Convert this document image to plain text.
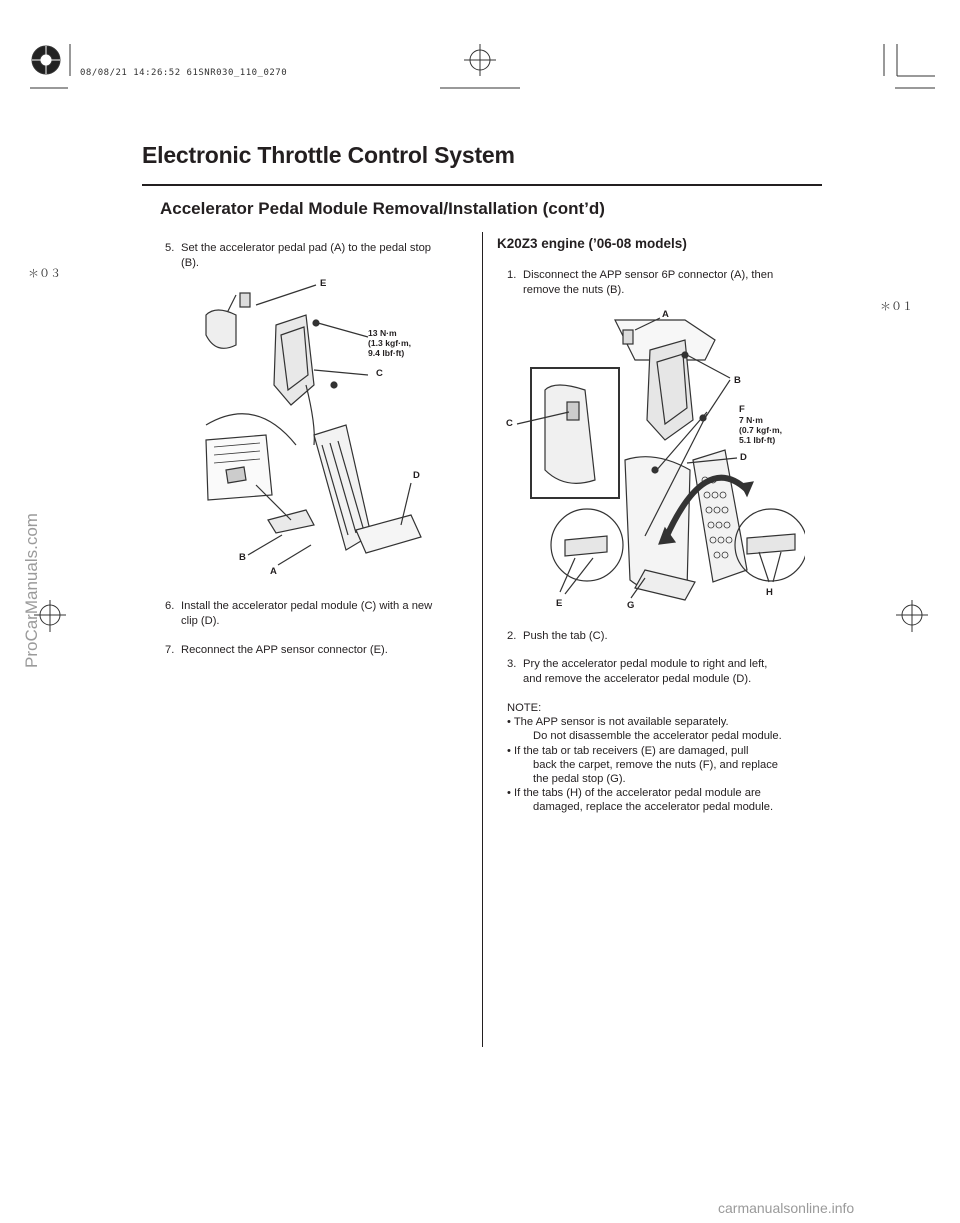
08/08/21 14:26:52 61SNR030_110_0270
Electronic Throttle Control System
Accelerator Pedal Module Removal/Installation (cont’d)
＊０３
＊０１
5. Set the accelerator pedal pad (A) to the pedal stop
(B).
E
13 N·m
(1.3 kgf·m,
9.4 lbf·ft)
C
D
B
A
6. Install the accelerator pedal module (C) with a new
clip (D).
7. Reconnect the APP sensor connector (E).
K20Z3 engine (’06-08 models)
1. Disconnect the APP sensor 6P connector (A), then
remove the nuts (B).
A
B
F
7 N·m
(0.7 kgf·m,
5.1 lbf·ft)
C
D
H
E	G
2. Push the tab (C).
3. Pry the accelerator pedal module to right and left,
and remove the accelerator pedal module (D).
NOTE:
• The APP sensor is not available separately.
Do not disassemble the accelerator pedal module.
• If the tab or tab receivers (E) are damaged, pull
back the carpet, remove the nuts (F), and replace
the pedal stop (G).
• If the tabs (H) of the accelerator pedal module are
damaged, replace the accelerator pedal module.
ProCarManuals.com
carmanualsonline.info
